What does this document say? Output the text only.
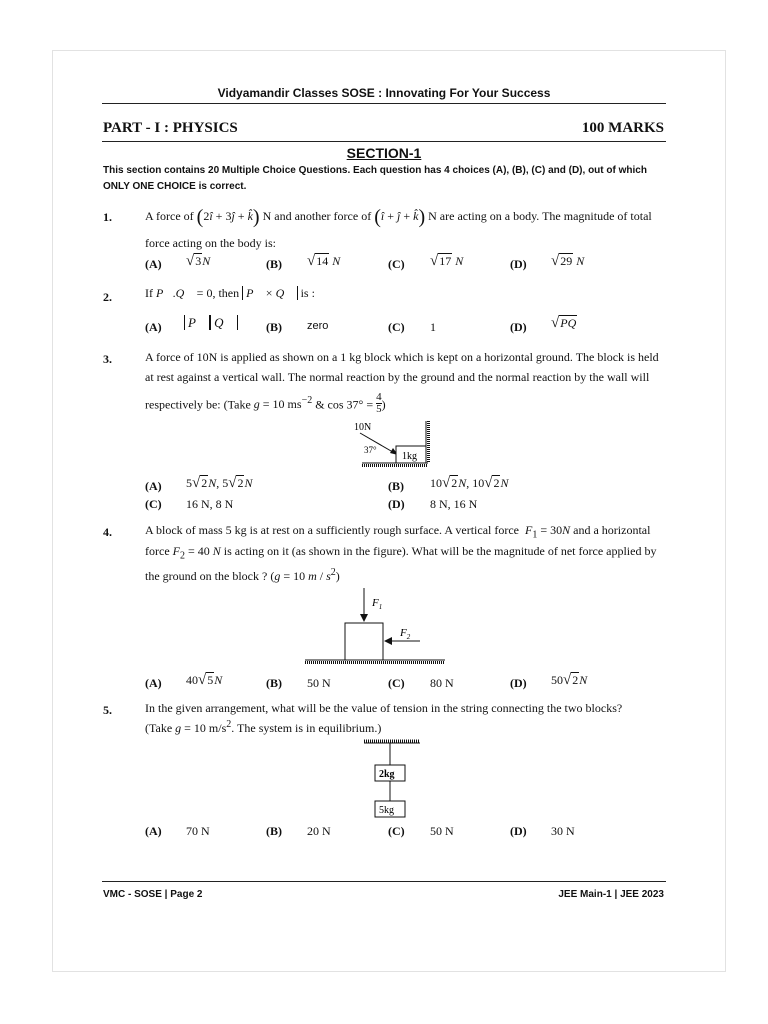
Vidyamandir Classes SOSE : Innovating For Your Success
PART - I : PHYSICS	100 MARKS
SECTION-1
This section contains 20 Multiple Choice Questions. Each question has 4 choices (A), (B), (C) and (D), out of which
ONLY ONE CHOICE is correct.
1.	A force of (2î + 3ĵ + k̂) N and another force of (î + ĵ + k̂) N are acting on a body. The magnitude of total
force acting on the body is:
(A) √3N	(B) √14 N	(C) √17 N	(D) √29 N
2.	If P⃗.Q⃗ = 0, then P⃗ × Q⃗ is :
(A)	P⃗ Q⃗	(B) zero	(C) 1	(D) √PQ
3.	A force of 10N is applied as shown on a 1 kg block which is kept on a horizontal ground. The block is held
at rest against a vertical wall. The normal reaction by the ground and the normal reaction by the wall will
respectively be: (Take g = 10 $ms^{-2}$ & $\cos 37^\circ = \frac{4}{5}$ )
10N
37°
1kg
(A) 5√2N, 5√2N	(B) 10√2N, 10√2N
(C) 16 N, 8 N	(D) 8 N, 16 N
4.	A block of mass 5 kg is at rest on a sufficiently rough surface. A vertical force $F_1 = 30N$ and a horizontal
force $F_2 = 40$ N is acting on it (as shown in the figure). What will be the magnitude of net force applied by
the ground on the block ? (g = 10 m / $s^2$)
$F_1$
$F_2$
(A) 40√5N	(B) 50 N	(C) 80 N	(D) 50√2N
5.	In the given arrangement, what will be the value of tension in the string connecting the two blocks?
(Take g = 10 $m/s^2$. The system is in equilibrium.)
2kg
5kg
(A) 70 N	(B) 20 N	(C) 50 N	(D) 30 N
VMC - SOSE | Page 2	JEE Main-1 | JEE 2023
